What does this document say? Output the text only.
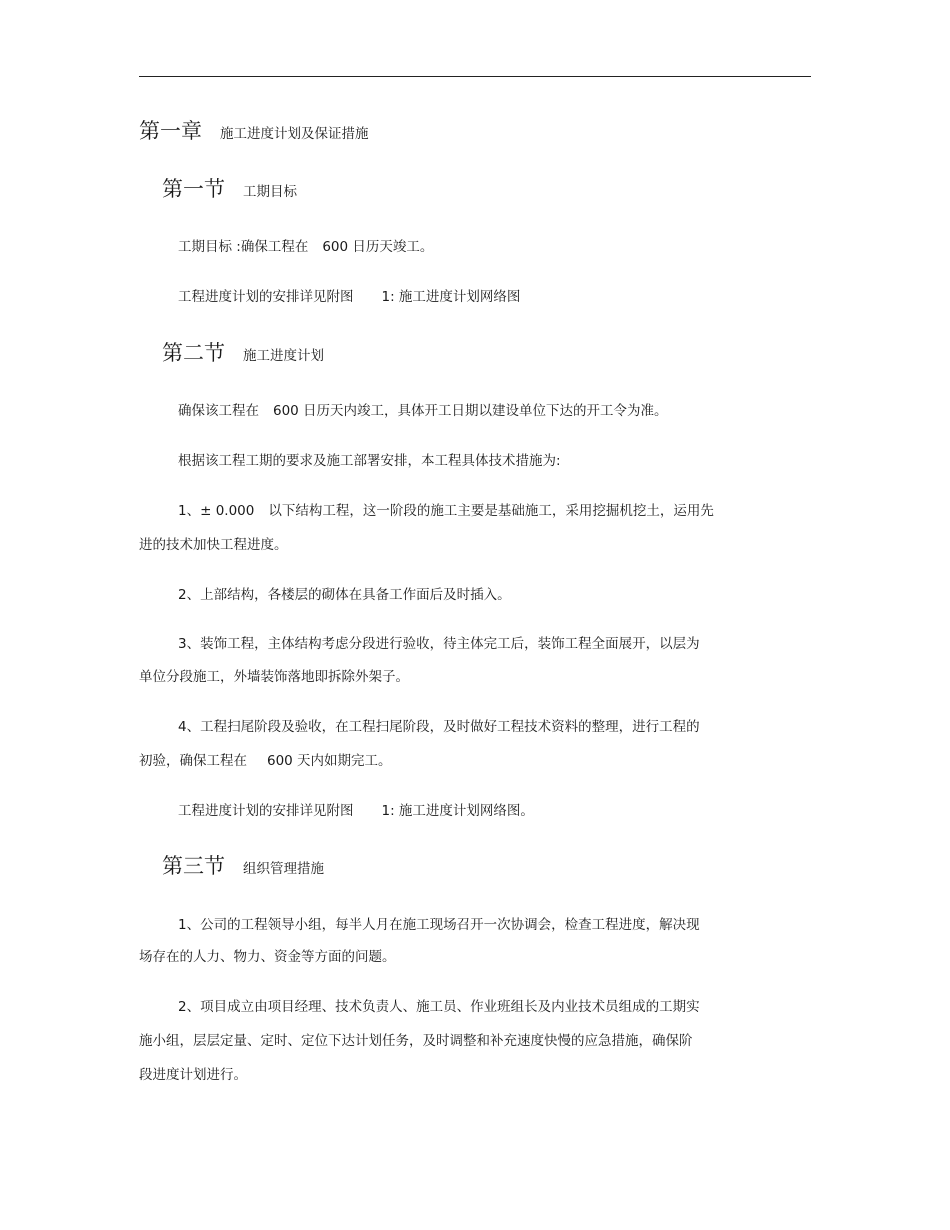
第一章 施工进度计划及保证措施
第一节 工期目标
工期目标 :确保工程在 600 日历天竣工。
工程进度计划的安排详见附图 1: 施工进度计划网络图
第二节 施工进度计划
确保该工程在 600 日历天内竣工，具体开工日期以建设单位下达的开工令为准。
根据该工程工期的要求及施工部署安排，本工程具体技术措施为:
1、± 0.000 以下结构工程，这一阶段的施工主要是基础施工，采用挖掘机挖土，运用先
进的技术加快工程进度。
2、上部结构，各楼层的砌体在具备工作面后及时插入。
3、装饰工程，主体结构考虑分段进行验收，待主体完工后，装饰工程全面展开，以层为
单位分段施工，外墙装饰落地即拆除外架子。
4、工程扫尾阶段及验收，在工程扫尾阶段，及时做好工程技术资料的整理，进行工程的
初验，确保工程在 600 天内如期完工。
工程进度计划的安排详见附图 1: 施工进度计划网络图。
第三节 组织管理措施
1、公司的工程领导小组，每半人月在施工现场召开一次协调会，检查工程进度，解决现
场存在的人力、物力、资金等方面的问题。
2、项目成立由项目经理、技术负责人、施工员、作业班组长及内业技术员组成的工期实
施小组，层层定量、定时、定位下达计划任务，及时调整和补充速度快慢的应急措施，确保阶
段进度计划进行。
